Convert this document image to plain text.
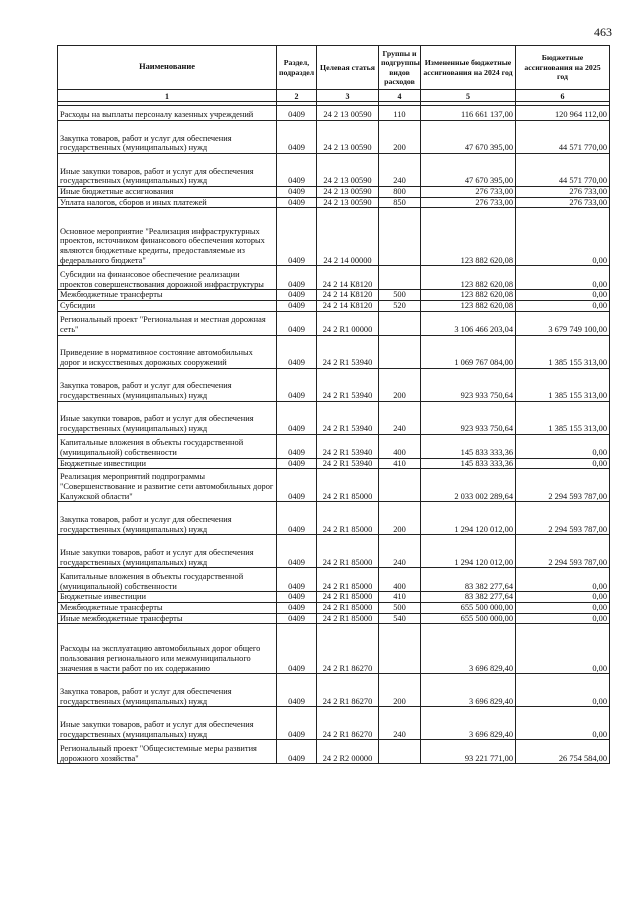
463
Наименование	Раздел, подраздел	Целевая статья	Группы и подгруппы видов расходов	Измененные бюджетные ассигнования на 2024 год	Бюджетные ассигнования на 2025 год
1	2	3	4	5	6

Расходы на выплаты персоналу казенных учреждений	0409	24 2 13 00590	110	116 661 137,00	120 964 112,00
Закупка товаров, работ и услуг для обеспечения государственных (муниципальных) нужд	0409	24 2 13 00590	200	47 670 395,00	44 571 770,00
Иные закупки товаров, работ и услуг для обеспечения государственных (муниципальных) нужд	0409	24 2 13 00590	240	47 670 395,00	44 571 770,00
Иные бюджетные ассигнования	0409	24 2 13 00590	800	276 733,00	276 733,00
Уплата налогов, сборов и иных платежей	0409	24 2 13 00590	850	276 733,00	276 733,00
Основное мероприятие "Реализация инфраструктурных проектов, источником финансового обеспечения которых являются бюджетные кредиты, предоставляемые из федерального бюджета"	0409	24 2 14 00000		123 882 620,08	0,00
Субсидии на финансовое обеспечение реализации проектов совершенствования дорожной инфраструктуры	0409	24 2 14 К8120		123 882 620,08	0,00
Межбюджетные трансферты	0409	24 2 14 К8120	500	123 882 620,08	0,00
Субсидии	0409	24 2 14 К8120	520	123 882 620,08	0,00
Региональный проект "Региональная и местная дорожная сеть"	0409	24 2 R1 00000		3 106 466 203,04	3 679 749 100,00
Приведение в нормативное состояние автомобильных дорог и искусственных дорожных сооружений	0409	24 2 R1 53940		1 069 767 084,00	1 385 155 313,00
Закупка товаров, работ и услуг для обеспечения государственных (муниципальных) нужд	0409	24 2 R1 53940	200	923 933 750,64	1 385 155 313,00
Иные закупки товаров, работ и услуг для обеспечения государственных (муниципальных) нужд	0409	24 2 R1 53940	240	923 933 750,64	1 385 155 313,00
Капитальные вложения в объекты государственной (муниципальной) собственности	0409	24 2 R1 53940	400	145 833 333,36	0,00
Бюджетные инвестиции	0409	24 2 R1 53940	410	145 833 333,36	0,00
Реализация мероприятий подпрограммы "Совершенствование и развитие сети автомобильных дорог Калужской области"	0409	24 2 R1 85000		2 033 002 289,64	2 294 593 787,00
Закупка товаров, работ и услуг для обеспечения государственных (муниципальных) нужд	0409	24 2 R1 85000	200	1 294 120 012,00	2 294 593 787,00
Иные закупки товаров, работ и услуг для обеспечения государственных (муниципальных) нужд	0409	24 2 R1 85000	240	1 294 120 012,00	2 294 593 787,00
Капитальные вложения в объекты государственной (муниципальной) собственности	0409	24 2 R1 85000	400	83 382 277,64	0,00
Бюджетные инвестиции	0409	24 2 R1 85000	410	83 382 277,64	0,00
Межбюджетные трансферты	0409	24 2 R1 85000	500	655 500 000,00	0,00
Иные межбюджетные трансферты	0409	24 2 R1 85000	540	655 500 000,00	0,00
Расходы на эксплуатацию автомобильных дорог общего пользования регионального или межмуниципального значения в части работ по их содержанию	0409	24 2 R1 86270		3 696 829,40	0,00
Закупка товаров, работ и услуг для обеспечения государственных (муниципальных) нужд	0409	24 2 R1 86270	200	3 696 829,40	0,00
Иные закупки товаров, работ и услуг для обеспечения государственных (муниципальных) нужд	0409	24 2 R1 86270	240	3 696 829,40	0,00
Региональный проект "Общесистемные меры развития дорожного хозяйства"	0409	24 2 R2 00000		93 221 771,00	26 754 584,00
